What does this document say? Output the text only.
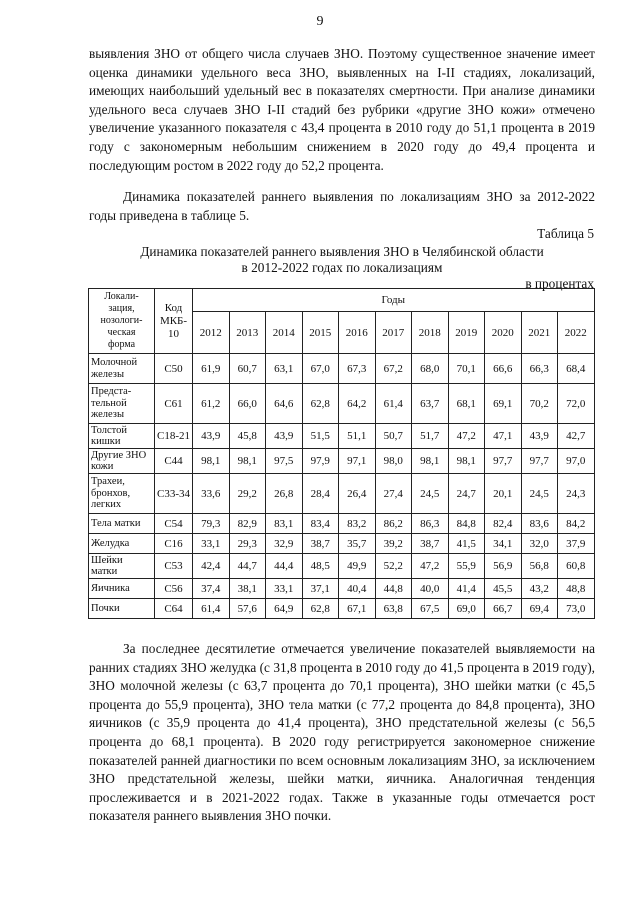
9

выявления ЗНО от общего числа случаев ЗНО. Поэтому существенное значение имеет оценка динамики удельного веса ЗНО, выявленных на I-II стадиях, локализаций, имеющих наибольший удельный вес в показателях смертности. При анализе динамики удельного веса случаев ЗНО I-II стадий без рубрики «другие ЗНО кожи» отмечено увеличение указанного показателя с 43,4 процента в 2010 году до 51,1 процента в 2019 году с закономерным небольшим снижением в 2020 году до 49,4 процента и последующим ростом в 2022 году до 52,2 процента.

Динамика показателей раннего выявления по локализациям ЗНО за 2012-2022 годы приведена в таблице 5.

Таблица 5

Динамика показателей раннего выявления ЗНО в Челябинской области
в 2012-2022 годах по локализациям

в процентах
Локали-
зация,
нозологи-
ческая
форма	Код
МКБ-
10	Годы										
		2012	2013	2014	2015	2016	2017	2018	2019	2020	2021	2022
Молочной
железы	C50	61,9	60,7	63,1	67,0	67,3	67,2	68,0	70,1	66,6	66,3	68,4
Предста-
тельной
железы	C61	61,2	66,0	64,6	62,8	64,2	61,4	63,7	68,1	69,1	70,2	72,0
Толстой
кишки	C18-21	43,9	45,8	43,9	51,5	51,1	50,7	51,7	47,2	47,1	43,9	42,7
Другие ЗНО
кожи	C44	98,1	98,1	97,5	97,9	97,1	98,0	98,1	98,1	97,7	97,7	97,0
Трахеи,
бронхов,
легких	C33-34	33,6	29,2	26,8	28,4	26,4	27,4	24,5	24,7	20,1	24,5	24,3
Тела матки	C54	79,3	82,9	83,1	83,4	83,2	86,2	86,3	84,8	82,4	83,6	84,2
Желудка	C16	33,1	29,3	32,9	38,7	35,7	39,2	38,7	41,5	34,1	32,0	37,9
Шейки
матки	C53	42,4	44,7	44,4	48,5	49,9	52,2	47,2	55,9	56,9	56,8	60,8
Яичника	C56	37,4	38,1	33,1	37,1	40,4	44,8	40,0	41,4	45,5	43,2	48,8
Почки	C64	61,4	57,6	64,9	62,8	67,1	63,8	67,5	69,0	66,7	69,4	73,0

За последнее десятилетие отмечается увеличение показателей выявляемости на ранних стадиях ЗНО желудка (с 31,8 процента в 2010 году до 41,5 процента в 2019 году), ЗНО молочной железы (с 63,7 процента до 70,1 процента), ЗНО шейки матки (с 45,5 процента до 55,9 процента), ЗНО тела матки (с 77,2 процента до 84,8 процента), ЗНО яичников (с 35,9 процента до 41,4 процента), ЗНО предстательной железы (с 56,5 процента до 68,1 процента). В 2020 году регистрируется закономерное снижение показателей ранней диагностики по всем основным локализациям ЗНО, за исключением ЗНО предстательной железы, шейки матки, яичника. Аналогичная тенденция прослеживается и в 2021-2022 годах. Также в указанные годы отмечается рост показателя раннего выявления ЗНО почки.
